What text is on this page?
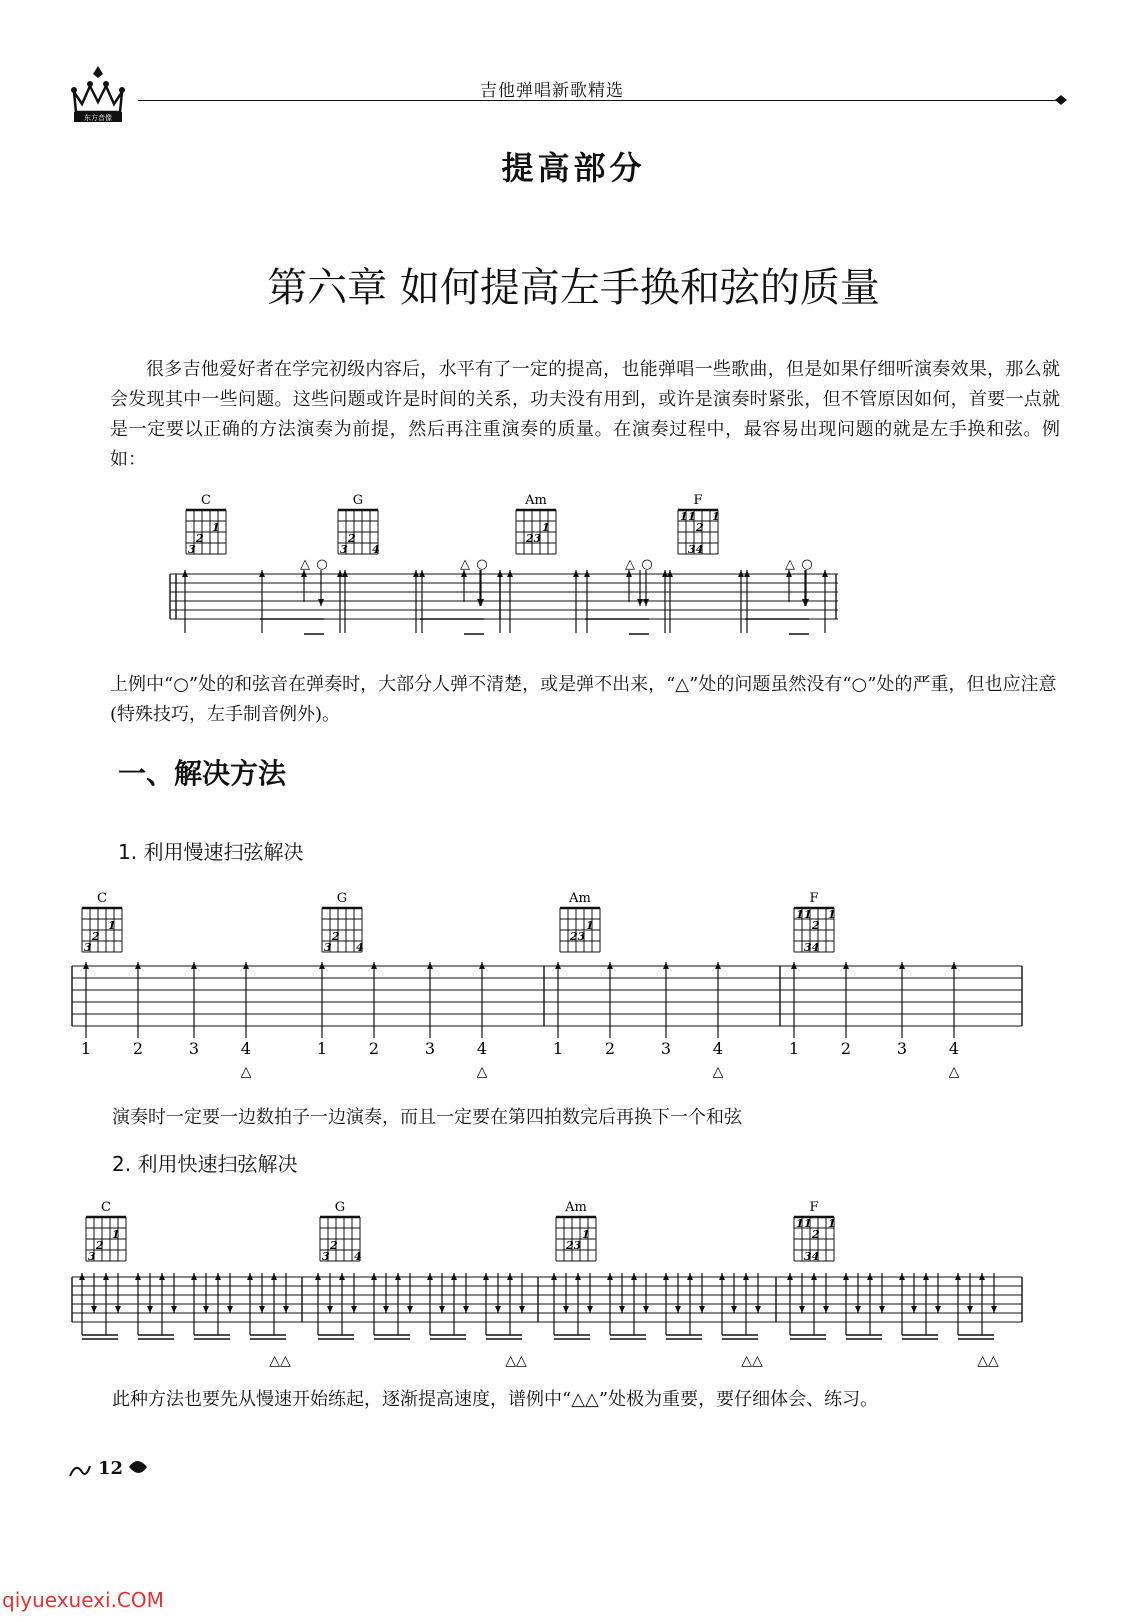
东方音像
吉他弹唱新歌精选
提高部分
第六章 如何提高左手换和弦的质量
很多吉他爱好者在学完初级内容后，水平有了一定的提高，也能弹唱一些歌曲，但是如果仔细听演奏效果，那么就会发现其中一些问题。这些问题或许是时间的关系，功夫没有用到，或许是演奏时紧张，但不管原因如何，首要一点就是一定要以正确的方法演奏为前提，然后再注重演奏的质量。在演奏过程中，最容易出现问题的就是左手换和弦。例如：
C
1
2
3
G
2
3 4
Am
1
23
F
1 1 1
2
34
△ ○	△ ○	△ ○	△ ○
上例中“○”处的和弦音在弹奏时，大部分人弹不清楚，或是弹不出来，“△”处的问题虽然没有“○”处的严重，但也应注意(特殊技巧，左手制音例外)。
一、解决方法
1. 利用慢速扫弦解决
C
1
2
3
G
2
3 4
Am
1
23
F
1 1 1
2
34
1	2	3	4
△
1	2	3	4
△
1	2	3	4
△
1	2	3	4
△
演奏时一定要一边数拍子一边演奏，而且一定要在第四拍数完后再换下一个和弦
2. 利用快速扫弦解决
C
1
2
3
G
2
3 4
Am
1
23
F
1 1 1
2
34
△△	△△	△△	△△
此种方法也要先从慢速开始练起，逐渐提高速度，谱例中“△△”处极为重要，要仔细体会、练习。
12
qiyuexuexi.COM
